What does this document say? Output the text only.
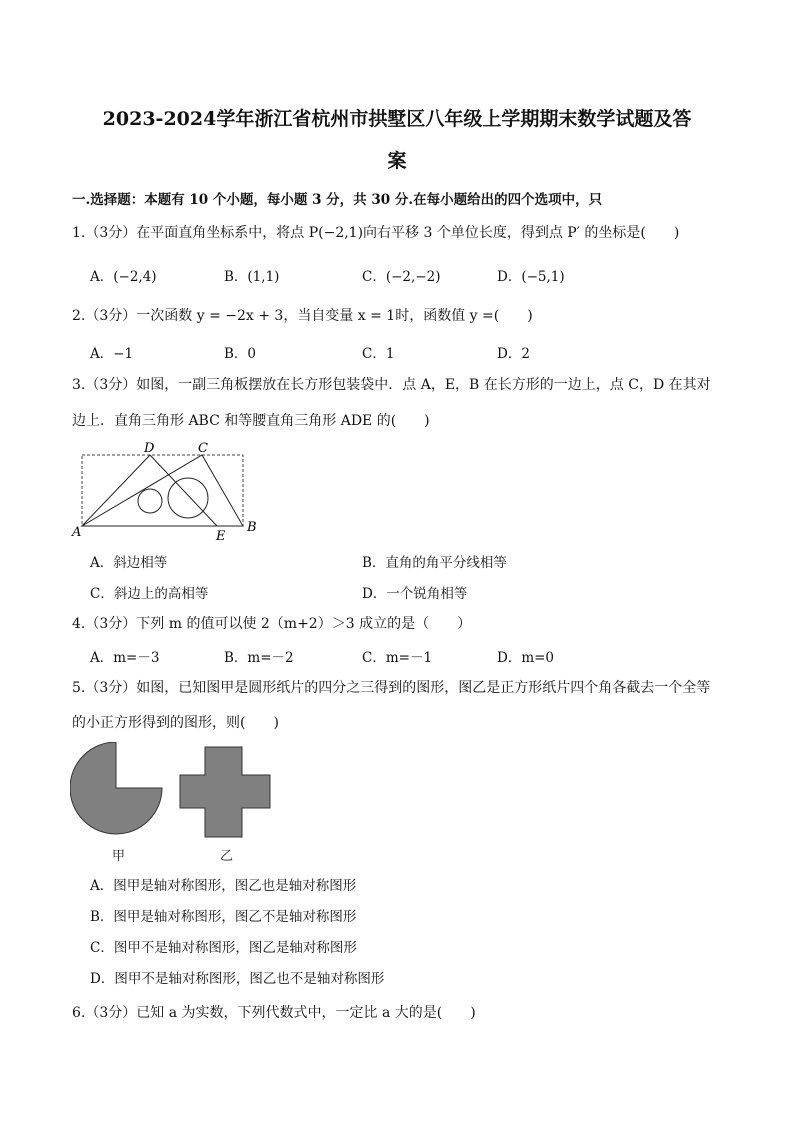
2023-2024学年浙江省杭州市拱墅区八年级上学期期末数学试题及答
案
一.选择题：本题有 10 个小题，每小题 3 分，共 30 分.在每小题给出的四个选项中，只
1.（3分）在平面直角坐标系中，将点 P(−2,1)向右平移 3 个单位长度，得到点 P′ 的坐标是(　　)
A．(−2,4)	B．(1,1)	C．(−2,−2)	D．(−5,1)
2.（3分）一次函数 y = −2x + 3，当自变量 x = 1时，函数值 y =(　　)
A．−1	B．0	C．1	D．2
3.（3分）如图，一副三角板摆放在长方形包装袋中．点 A，E，B 在长方形的一边上，点 C，D 在其对
边上．直角三角形 ABC 和等腰直角三角形 ADE 的(　　)
A	B
C
D
E
A．斜边相等	B．直角的角平分线相等
C．斜边上的高相等	D．一个锐角相等
4.（3分）下列 m 的值可以使 2（m+2）＞3 成立的是（　　）
A．m=－3	B．m=－2	C．m=－1	D．m=0
5.（3分）如图，已知图甲是圆形纸片的四分之三得到的图形，图乙是正方形纸片四个角各截去一个全等
的小正方形得到的图形，则(　　)
甲	乙
A．图甲是轴对称图形，图乙也是轴对称图形
B．图甲是轴对称图形，图乙不是轴对称图形
C．图甲不是轴对称图形，图乙是轴对称图形
D．图甲不是轴对称图形，图乙也不是轴对称图形
6.（3分）已知 a 为实数，下列代数式中，一定比 a 大的是(　　)
